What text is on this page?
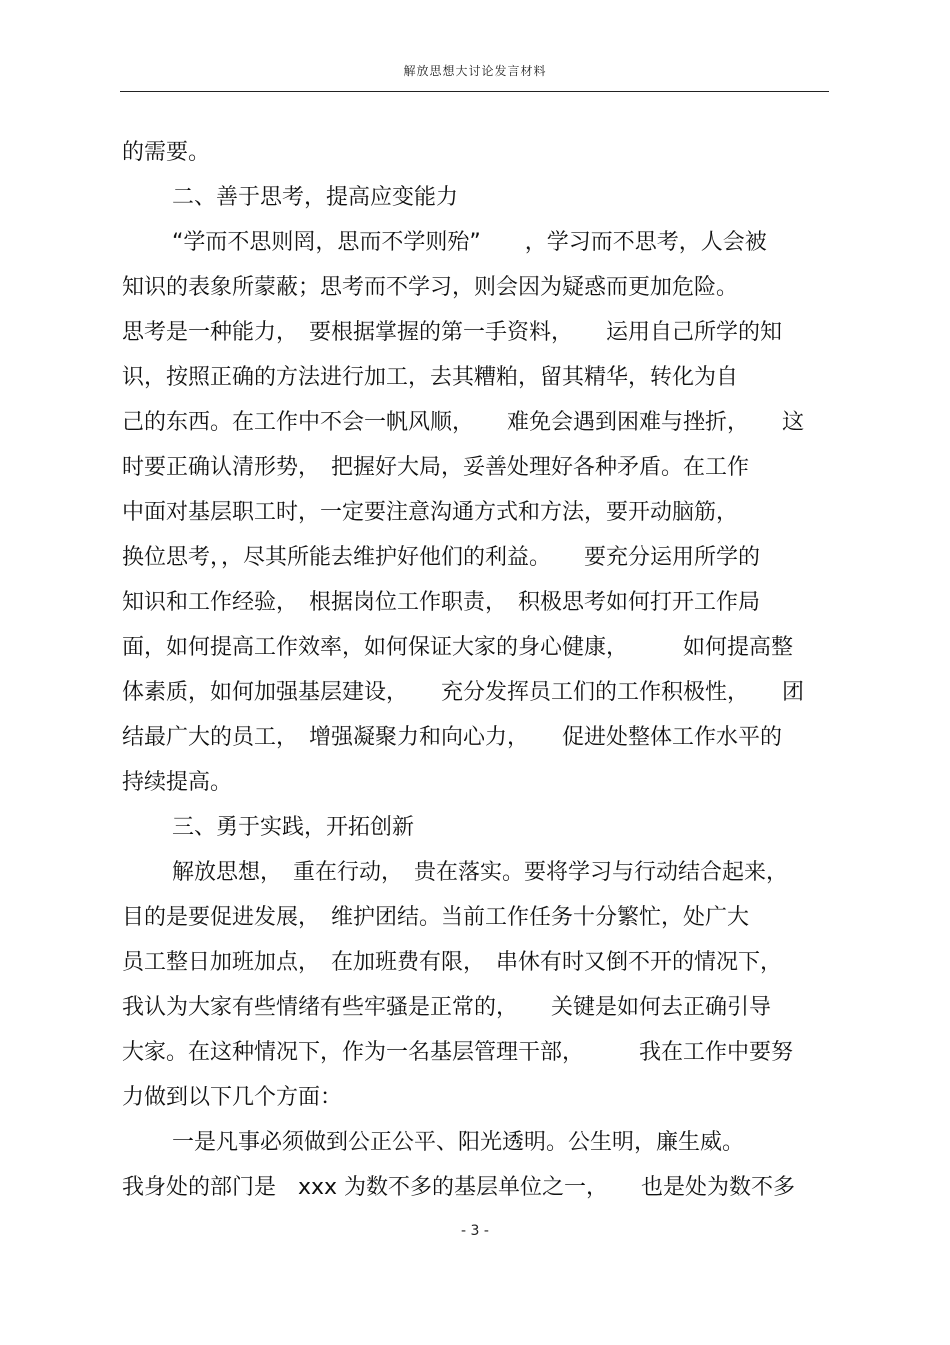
解放思想大讨论发言材料
的需要。
二、善于思考，提高应变能力
“学而不思则罔，思而不学则殆”　　，学习而不思考，人会被
知识的表象所蒙蔽；思考而不学习，则会因为疑惑而更加危险。
思考是一种能力，　要根据掌握的第一手资料，　　运用自己所学的知
识，按照正确的方法进行加工，去其糟粕，留其精华，转化为自
己的东西。在工作中不会一帆风顺，　　难免会遇到困难与挫折，　　这
时要正确认清形势，　把握好大局，妥善处理好各种矛盾。在工作
中面对基层职工时，一定要注意沟通方式和方法，要开动脑筋，
换位思考，，尽其所能去维护好他们的利益。　　要充分运用所学的
知识和工作经验，　根据岗位工作职责，　积极思考如何打开工作局
面，如何提高工作效率，如何保证大家的身心健康，　　　如何提高整
体素质，如何加强基层建设，　　充分发挥员工们的工作积极性，　　团
结最广大的员工，　增强凝聚力和向心力，　　促进处整体工作水平的
持续提高。
三、勇于实践，开拓创新
解放思想，　重在行动，　贵在落实。要将学习与行动结合起来，
目的是要促进发展，　维护团结。当前工作任务十分繁忙，处广大
员工整日加班加点，　在加班费有限，　串休有时又倒不开的情况下，
我认为大家有些情绪有些牢骚是正常的，　　关键是如何去正确引导
大家。在这种情况下，作为一名基层管理干部，　　　我在工作中要努
力做到以下几个方面：
一是凡事必须做到公正公平、阳光透明。公生明，廉生威。
我身处的部门是　xxx 为数不多的基层单位之一，　　也是处为数不多
- 3 -
